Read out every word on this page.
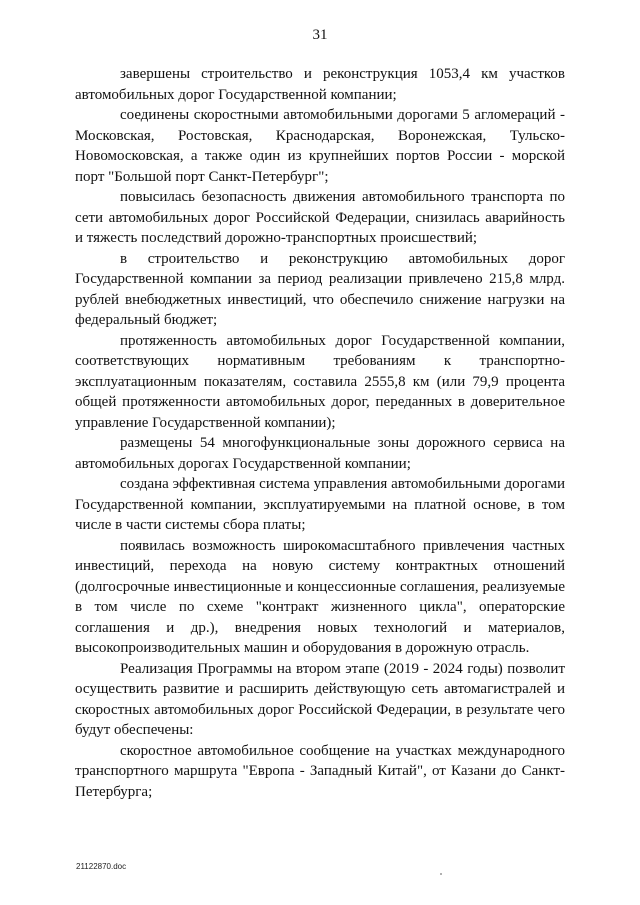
31

завершены строительство и реконструкция 1053,4 км участков автомобильных дорог Государственной компании;

соединены скоростными автомобильными дорогами 5 агломераций - Московская, Ростовская, Краснодарская, Воронежская, Тульско-Новомосковская, а также один из крупнейших портов России - морской порт "Большой порт Санкт-Петербург";

повысилась безопасность движения автомобильного транспорта по сети автомобильных дорог Российской Федерации, снизилась аварийность и тяжесть последствий дорожно-транспортных происшествий;

в строительство и реконструкцию автомобильных дорог Государственной компании за период реализации привлечено 215,8 млрд. рублей внебюджетных инвестиций, что обеспечило снижение нагрузки на федеральный бюджет;

протяженность автомобильных дорог Государственной компании, соответствующих нормативным требованиям к транспортно-эксплуатационным показателям, составила 2555,8 км (или 79,9 процента общей протяженности автомобильных дорог, переданных в доверительное управление Государственной компании);

размещены 54 многофункциональные зоны дорожного сервиса на автомобильных дорогах Государственной компании;

создана эффективная система управления автомобильными дорогами Государственной компании, эксплуатируемыми на платной основе, в том числе в части системы сбора платы;

появилась возможность широкомасштабного привлечения частных инвестиций, перехода на новую систему контрактных отношений (долгосрочные инвестиционные и концессионные соглашения, реализуемые в том числе по схеме "контракт жизненного цикла", операторские соглашения и др.), внедрения новых технологий и материалов, высокопроизводительных машин и оборудования в дорожную отрасль.

Реализация Программы на втором этапе (2019 - 2024 годы) позволит осуществить развитие и расширить действующую сеть автомагистралей и скоростных автомобильных дорог Российской Федерации, в результате чего будут обеспечены:

скоростное автомобильное сообщение на участках международного транспортного маршрута "Европа - Западный Китай", от Казани до Санкт-Петербурга;

21122870.doc
